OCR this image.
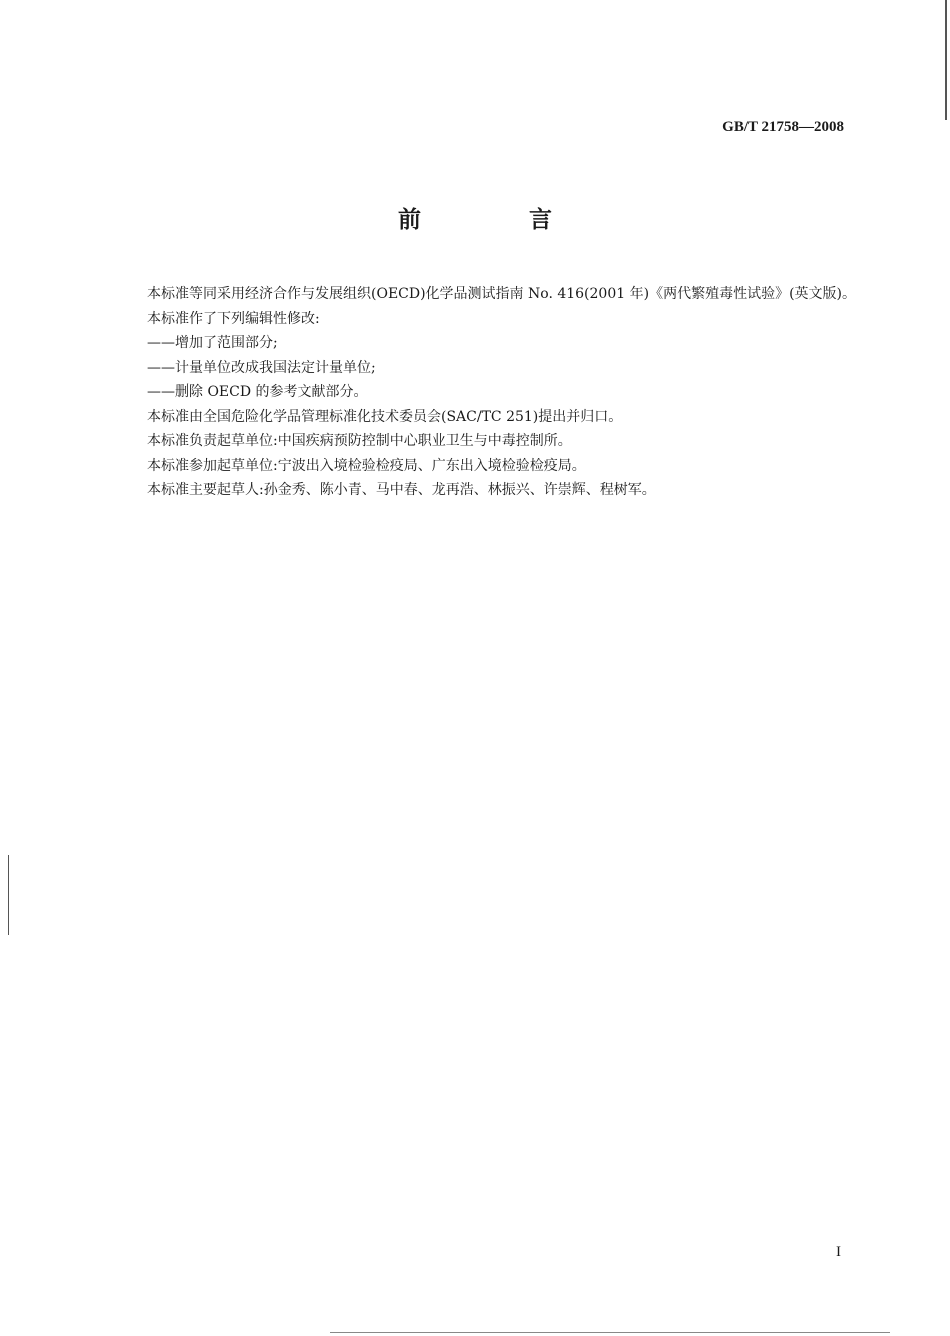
GB/T 21758—2008
前 言

本标准等同采用经济合作与发展组织(OECD)化学品测试指南 No. 416(2001 年)《两代繁殖毒性试验》(英文版)。

本标准作了下列编辑性修改:

——增加了范围部分;

——计量单位改成我国法定计量单位;

——删除 OECD 的参考文献部分。

本标准由全国危险化学品管理标准化技术委员会(SAC/TC 251)提出并归口。

本标准负责起草单位:中国疾病预防控制中心职业卫生与中毒控制所。

本标准参加起草单位:宁波出入境检验检疫局、广东出入境检验检疫局。

本标准主要起草人:孙金秀、陈小青、马中春、龙再浩、林振兴、许崇辉、程树军。

I
